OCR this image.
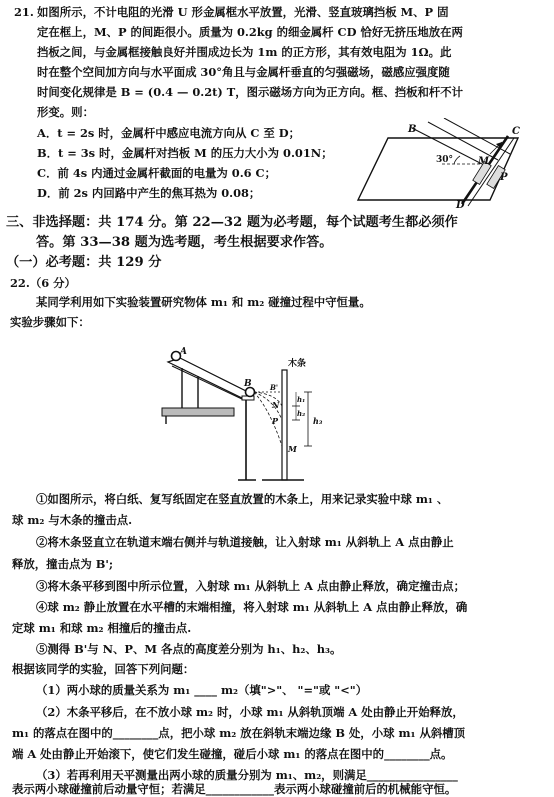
21. 如图所示，不计电阻的光滑 U 形金属框水平放置，光滑、竖直玻璃挡板 M、P 固
定在框上，M、P 的间距很小。质量为 0.2kg 的细金属杆 CD 恰好无挤压地放在两
挡板之间，与金属框接触良好并围成边长为 1m 的正方形，其有效电阻为 1Ω。此
时在整个空间加方向与水平面成 30°角且与金属杆垂直的匀强磁场，磁感应强度随
时间变化规律是 B = (0.4 — 0.2t) T，图示磁场方向为正方向。框、挡板和杆不计
形变。则：
A．t = 2s 时，金属杆中感应电流方向从 C 至 D；
B．t = 3s 时，金属杆对挡板 M 的压力大小为 0.01N；
C．前 4s 内通过金属杆截面的电量为 0.6 C；
D．前 2s 内回路中产生的焦耳热为 0.08；
B	C
30° M
P
D
三、非选择题：共 174 分。第 22—32 题为必考题，每个试题考生都必须作
答。第 33—38 题为选考题，考生根据要求作答。
（一）必考题：共 129 分
22.（6 分）
某同学利用如下实验装置研究物体 m₁ 和 m₂ 碰撞过程中守恒量。
实验步骤如下：
A
B
木条
N
P
M
h₁
h₂
h₃
B'
①如图所示，将白纸、复写纸固定在竖直放置的木条上，用来记录实验中球 m₁ 、
球 m₂ 与木条的撞击点.
②将木条竖直立在轨道末端右侧并与轨道接触，让入射球 m₁ 从斜轨上 A 点由静止
释放，撞击点为 B';
③将木条平移到图中所示位置，入射球 m₁ 从斜轨上 A 点由静止释放，确定撞击点；
④球 m₂ 静止放置在水平槽的末端相撞，将入射球 m₁ 从斜轨上 A 点由静止释放，确
定球 m₁ 和球 m₂ 相撞后的撞击点.
⑤测得 B'与 N、P、M 各点的高度差分别为 h₁、h₂、h₃。
根据该同学的实验，回答下列问题：
（1）两小球的质量关系为 m₁ ____ m₂（填">"、 "="或 "<"）
（2）木条平移后，在不放小球 m₂ 时，小球 m₁ 从斜轨顶端 A 处由静止开始释放，
m₁ 的落点在图中的________点，把小球 m₂ 放在斜轨末端边缘 B 处，小球 m₁ 从斜槽顶
端 A 处由静止开始滚下，使它们发生碰撞，碰后小球 m₁ 的落点在图中的________点。
（3）若再利用天平测量出两小球的质量分别为 m₁、m₂，则满足________________
表示两小球碰撞前后动量守恒；若满足____________表示两小球碰撞前后的机械能守恒。
